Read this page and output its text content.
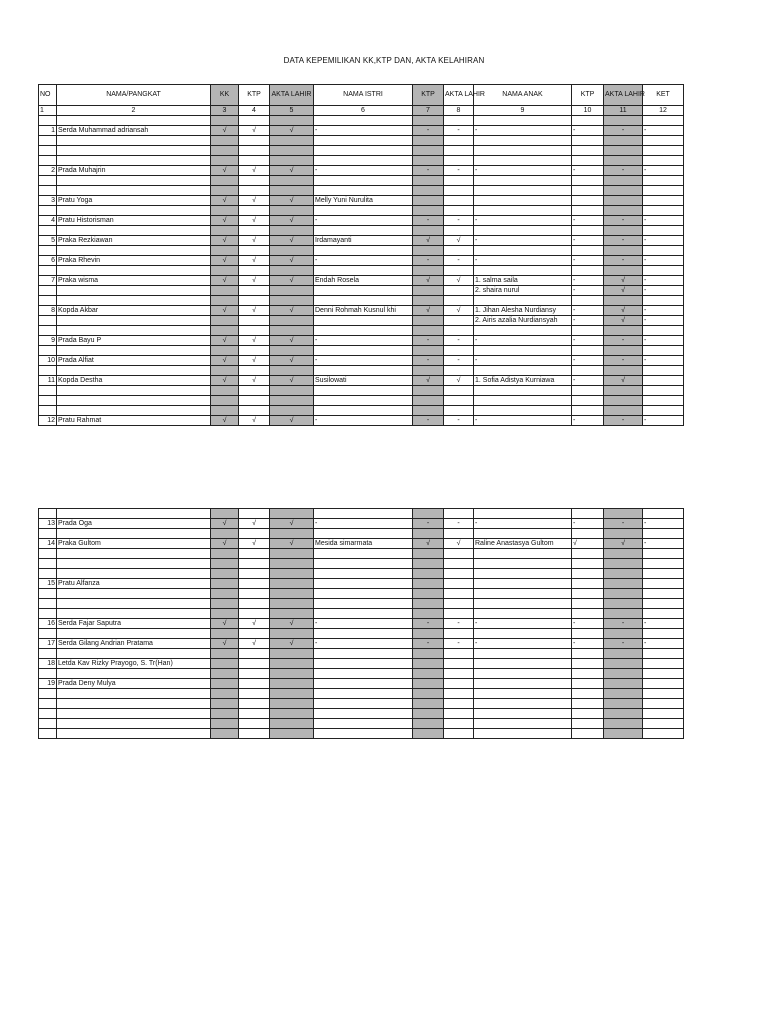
DATA KEPEMILIKAN KK,KTP DAN, AKTA KELAHIRAN
NO	NAMA/PANGKAT	KK	KTP	AKTA LAHIR	NAMA ISTRI	KTP	AKTA LAHIR	NAMA ANAK	KTP	AKTA LAHIR	KET
1	2	3	4	5	6	7	8	9	10	11	12

1	Serda Muhammad adriansah	√	√	√	-	-	-	-	-	-	-

2	Prada Muhajrin	√	√	√	-	-	-	-	-	-	-

3	Pratu Yoga	√	√	√	Melly Yuni Nurulita						

4	Pratu Historisman	√	√	√	-	-	-	-	-	-	-

5	Praka Rezkiawan	√	√	√	Irdamayanti	√	√	-	-	-	-

6	Praka Rhevin	√	√	√	-	-	-	-	-	-	-

7	Praka wisma	√	√	√	Endah Rosela	√	√	1. salma saila	-	√	-
								2. shaira nurul	-	√	-

8	Kopda Akbar	√	√	√	Denni Rohmah Kusnul khi	√	√	1. Jihan Alesha Nurdiansy	-	√	-
								2. Airis azalia Nurdiansyah	-	√	-

9	Prada Bayu P	√	√	√	-	-	-	-	-	-	-

10	Prada Alfiat	√	√	√	-	-	-	-	-	-	-

11	Kopda Destha	√	√	√	Susilowati	√	√	1. Sofia Adistya Kurniawa	-	√	

12	Pratu Rahmat	√	√	√	-	-	-	-	-	-	-

13	Prada Oga	√	√	√	-	-	-	-	-	-	-

14	Praka Gultom	√	√	√	Mesida simarmata	√	√	Raline Anastasya Gultom	√	√	-

15	Pratu Alfanza										

16	Serda Fajar Saputra	√	√	√	-	-	-	-	-	-	-

17	Serda Gilang Andrian Pratama	√	√	√	-	-	-	-	-	-	-

18	Letda Kav Rizky Prayogo, S. Tr(Han)										

19	Prada Deny Mulya										
